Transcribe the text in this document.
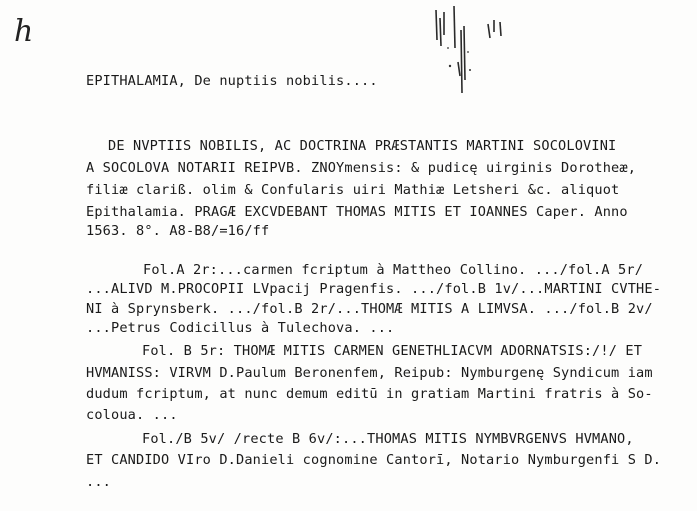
h
EPITHALAMIA, De nuptiis nobilis....
DE NVPTIIS NOBILIS, AC DOCTRINA PRÆSTANTIS MARTINI SOCOLOVINI
A SOCOLOVA NOTARII REIPVB. ZNOYmensis: & pudicę uirginis Dorotheæ,
filiæ clariß. olim & Confularis uiri Mathiæ Letsheri &c. aliquot
Epithalamia. PRAGÆ EXCVDEBANT THOMAS MITIS ET IOANNES Caper. Anno
1563. 8°. A8-B8/=16/ff
Fol.A 2r:...carmen fcriptum à Mattheo Collino. .../fol.A 5r/
...ALIVD M.PROCOPII LVpacij Pragenfis. .../fol.B 1v/...MARTINI CVTHE-
NI à Sprynsberk. .../fol.B 2r/...THOMÆ MITIS A LIMVSA. .../fol.B 2v/
...Petrus Codicillus à Tulechova. ...
Fol. B 5r: THOMÆ MITIS CARMEN GENETHLIACVM ADORNATSIS:/!/ ET
HVMANISS: VIRVM D.Paulum Beronenfem, Reipub: Nymburgenę Syndicum iam
dudum fcriptum, at nunc demum editū in gratiam Martini fratris à So-
coloua. ...
Fol./B 5v/ /recte B 6v/:...THOMAS MITIS NYMBVRGENVS HVMANO,
ET CANDIDO VIro D.Danieli cognomine Cantorī, Notario Nymburgenfi S D.
...
